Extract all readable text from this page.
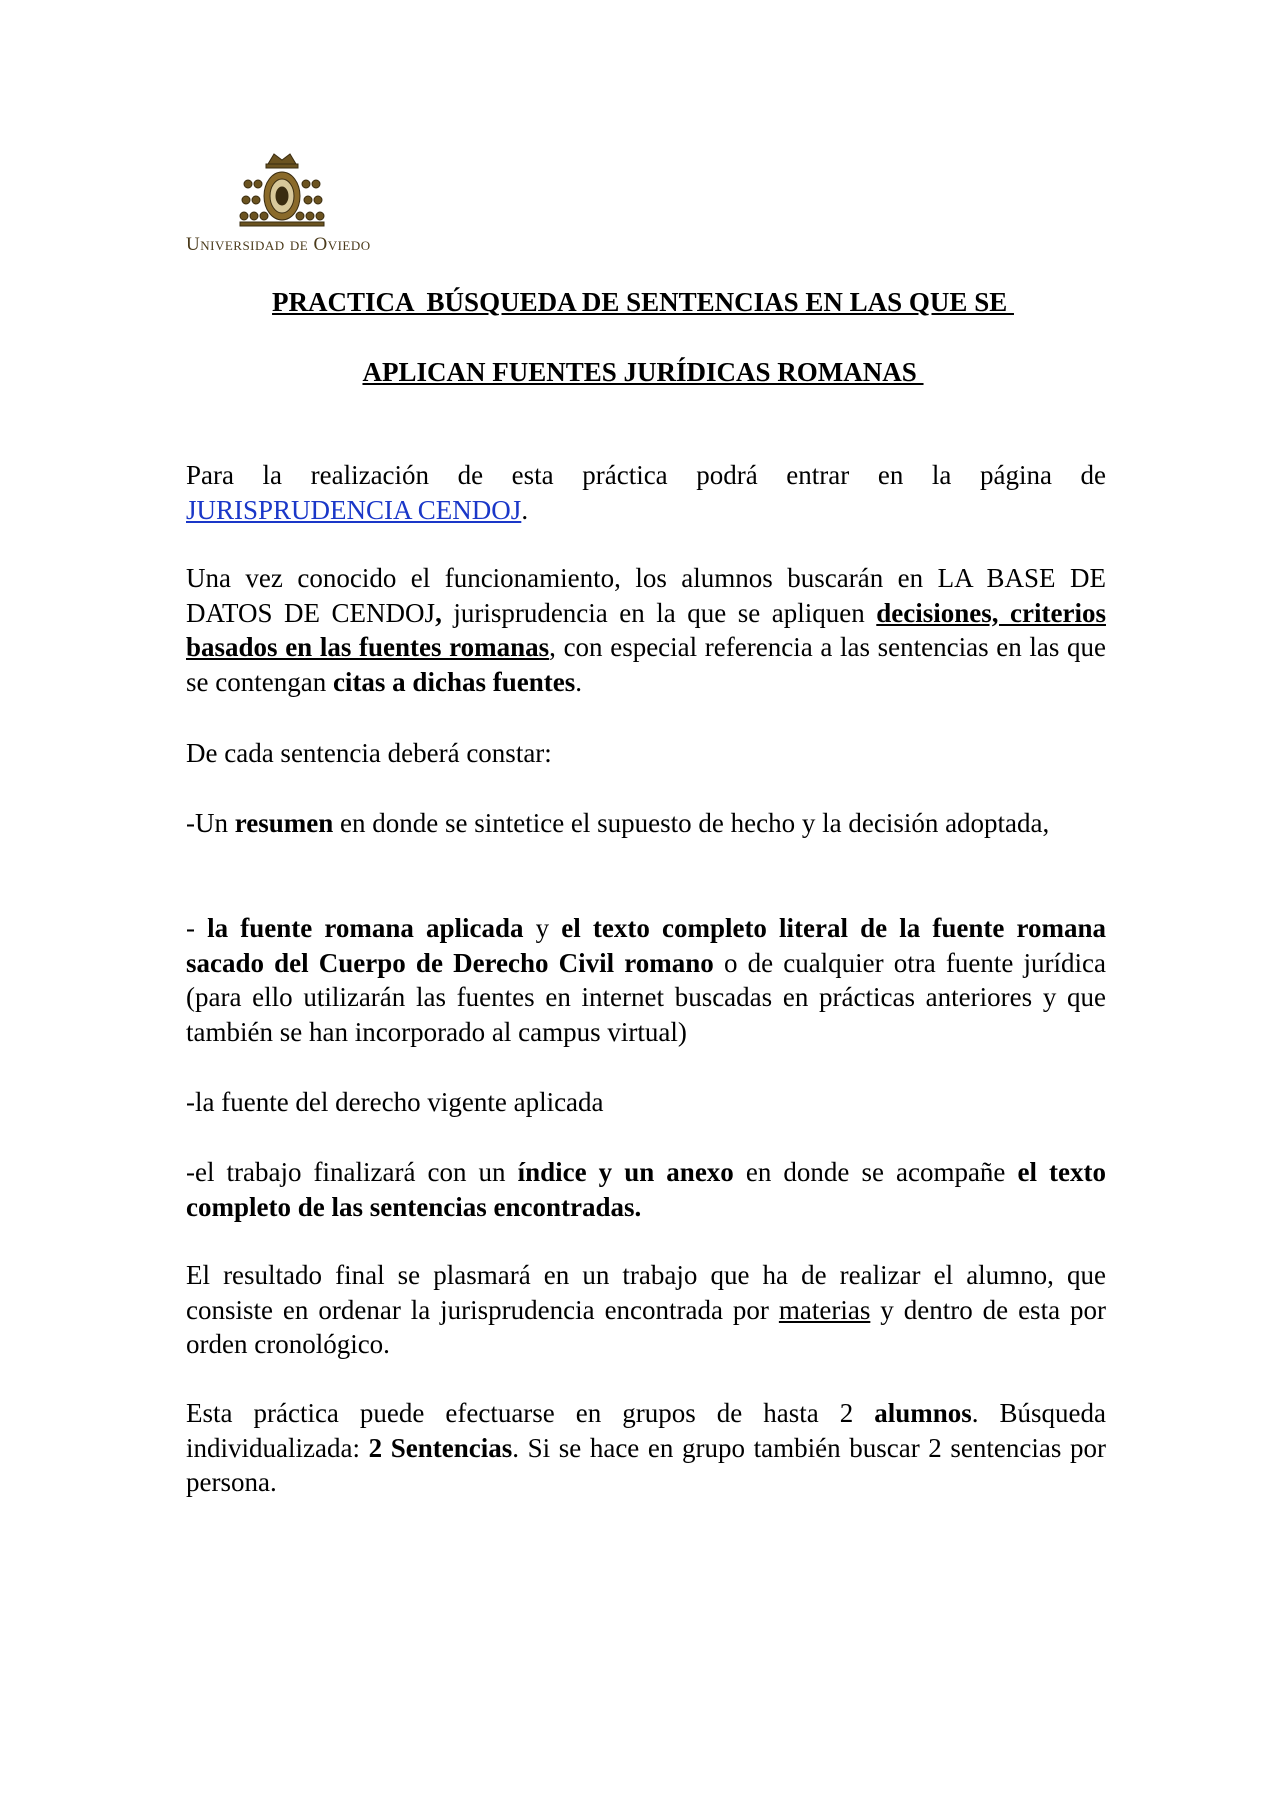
Universidad de Oviedo
PRACTICA  BÚSQUEDA DE SENTENCIAS EN LAS QUE SE
APLICAN FUENTES JURÍDICAS ROMANAS

Para la realización de esta práctica podrá entrar en la página de
JURISPRUDENCIA CENDOJ.

Una vez conocido el funcionamiento, los alumnos buscarán en LA BASE DE DATOS DE CENDOJ, jurisprudencia en la que se apliquen decisiones, criterios basados en las fuentes romanas, con especial referencia a las sentencias en las que se contengan citas a dichas fuentes.

De cada sentencia deberá constar:

-Un resumen en donde se sintetice el supuesto de hecho y la decisión adoptada,

- la fuente romana aplicada y el texto completo literal de la fuente romana sacado del Cuerpo de Derecho Civil romano o de cualquier otra fuente jurídica (para ello utilizarán las fuentes en internet buscadas en prácticas anteriores y que también se han incorporado al campus virtual)

-la fuente del derecho vigente aplicada

-el trabajo finalizará con un índice y un anexo en donde se acompañe el texto completo de las sentencias encontradas.

El resultado final se plasmará en un trabajo que ha de realizar el alumno, que consiste en ordenar la jurisprudencia encontrada por materias y dentro de esta por orden cronológico.

Esta práctica puede efectuarse en grupos de hasta 2 alumnos. Búsqueda individualizada: 2 Sentencias. Si se hace en grupo también buscar 2 sentencias por persona.
